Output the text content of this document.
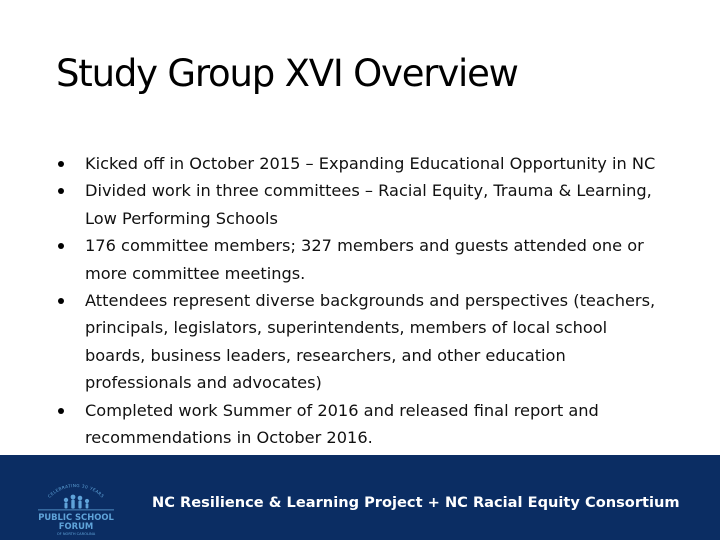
Study Group XVI Overview
Kicked off in October 2015 – Expanding Educational Opportunity in NC
Divided work in three committees – Racial Equity, Trauma & Learning, Low Performing Schools
176 committee members; 327 members and guests attended one or more committee meetings.
Attendees represent diverse backgrounds and perspectives (teachers, principals, legislators, superintendents, members of local school boards, business leaders, researchers, and other education professionals and advocates)
Completed work Summer of 2016 and released final report and recommendations in October 2016.
CELEBRATING 30 YEARS
PUBLIC SCHOOL
FORUM
OF NORTH CAROLINA
NC Resilience & Learning Project + NC Racial Equity Consortium
